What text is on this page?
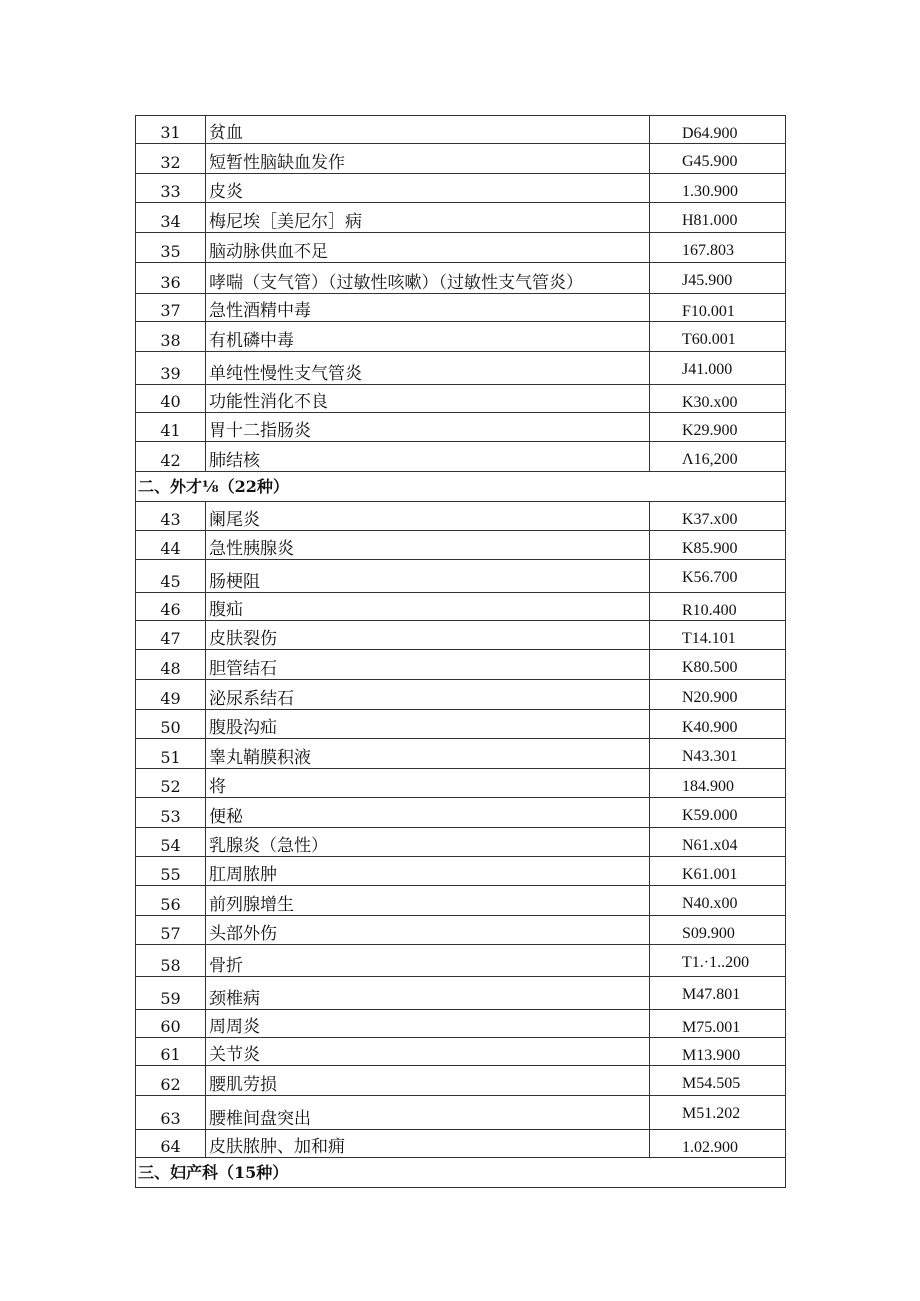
31	贫血	D64.900
32	短暂性脑缺血发作	G45.900
33	皮炎	1.30.900
34	梅尼埃［美尼尔］病	H81.000
35	脑动脉供血不足	167.803
36	哮喘（支气管）（过敏性咳嗽）（过敏性支气管炎）	J45.900
37	急性酒精中毒	F10.001
38	有机磷中毒	T60.001
39	单纯性慢性支气管炎	J41.000
40	功能性消化不良	K30.x00
41	胃十二指肠炎	K29.900
42	肺结核	Λ16,200
二、外才⅛（22种）		
43	阑尾炎	K37.x00
44	急性胰腺炎	K85.900
45	肠梗阻	K56.700
46	腹疝	R10.400
47	皮肤裂伤	T14.101
48	胆管结石	K80.500
49	泌尿系结石	N20.900
50	腹股沟疝	K40.900
51	睾丸鞘膜积液	N43.301
52	将	184.900
53	便秘	K59.000
54	乳腺炎（急性）	N61.x04
55	肛周脓肿	K61.001
56	前列腺增生	N40.x00
57	头部外伤	S09.900
58	骨折	T1.·1..200
59	颈椎病	M47.801
60	周周炎	M75.001
61	关节炎	M13.900
62	腰肌劳损	M54.505
63	腰椎间盘突出	M51.202
64	皮肤脓肿、加和痈	1.02.900
三、妇产科（15种）		
